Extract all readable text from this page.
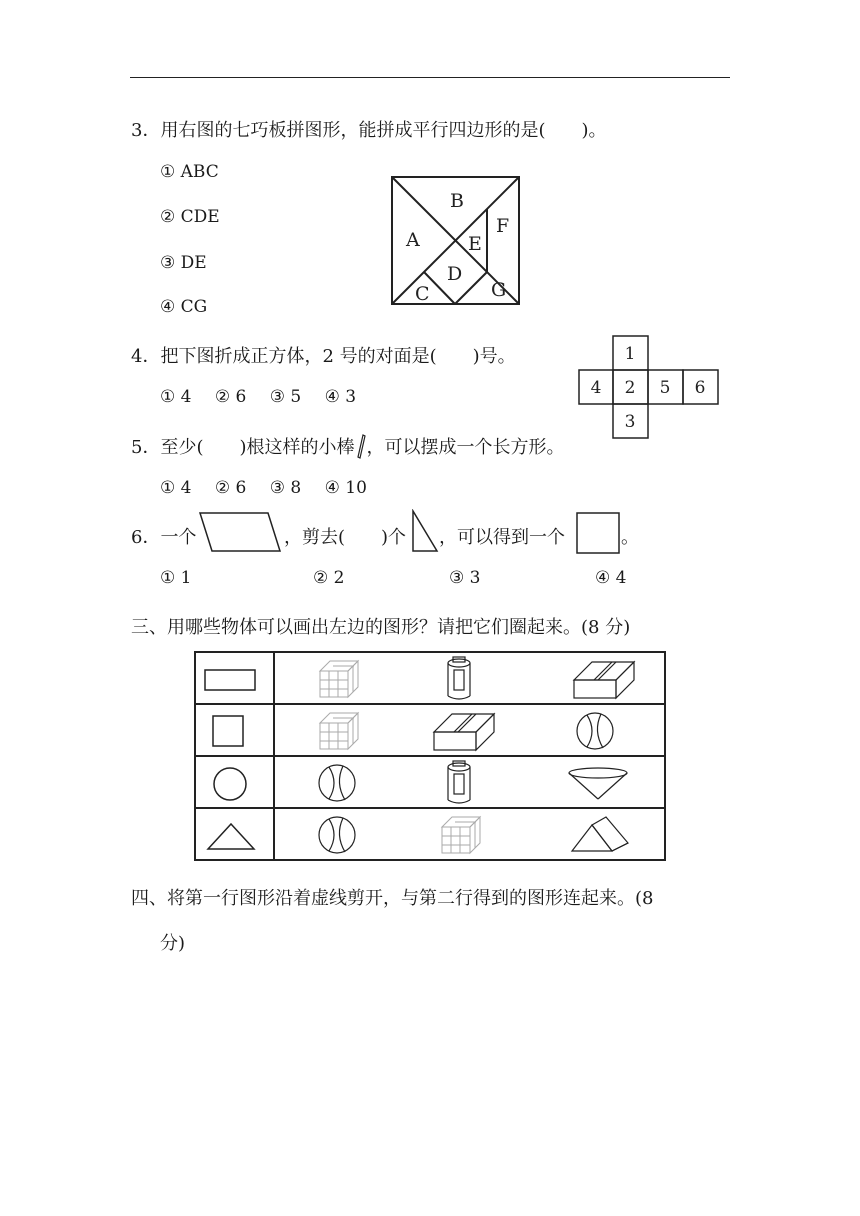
3．用右图的七巧板拼图形，能拼成平行四边形的是(　　)。
① ABC
② CDE
③ DE
④ CG
A
B
C
D
E
F
G
4．把下图折成正方体，2 号的对面是(　　)号。
① 4 ② 6 ③ 5 ④ 3
1
4 2 5 6
3
5．至少(　　)根这样的小棒 ，可以摆成一个长方形。
① 4 ② 6 ③ 8 ④ 10
6．一个	，剪去(　　)个 ，可以得到一个	。
① 1	② 2	③ 3	④ 4
三、用哪些物体可以画出左边的图形？请把它们圈起来。(8 分)
四、将第一行图形沿着虚线剪开，与第二行得到的图形连起来。(8
分)
